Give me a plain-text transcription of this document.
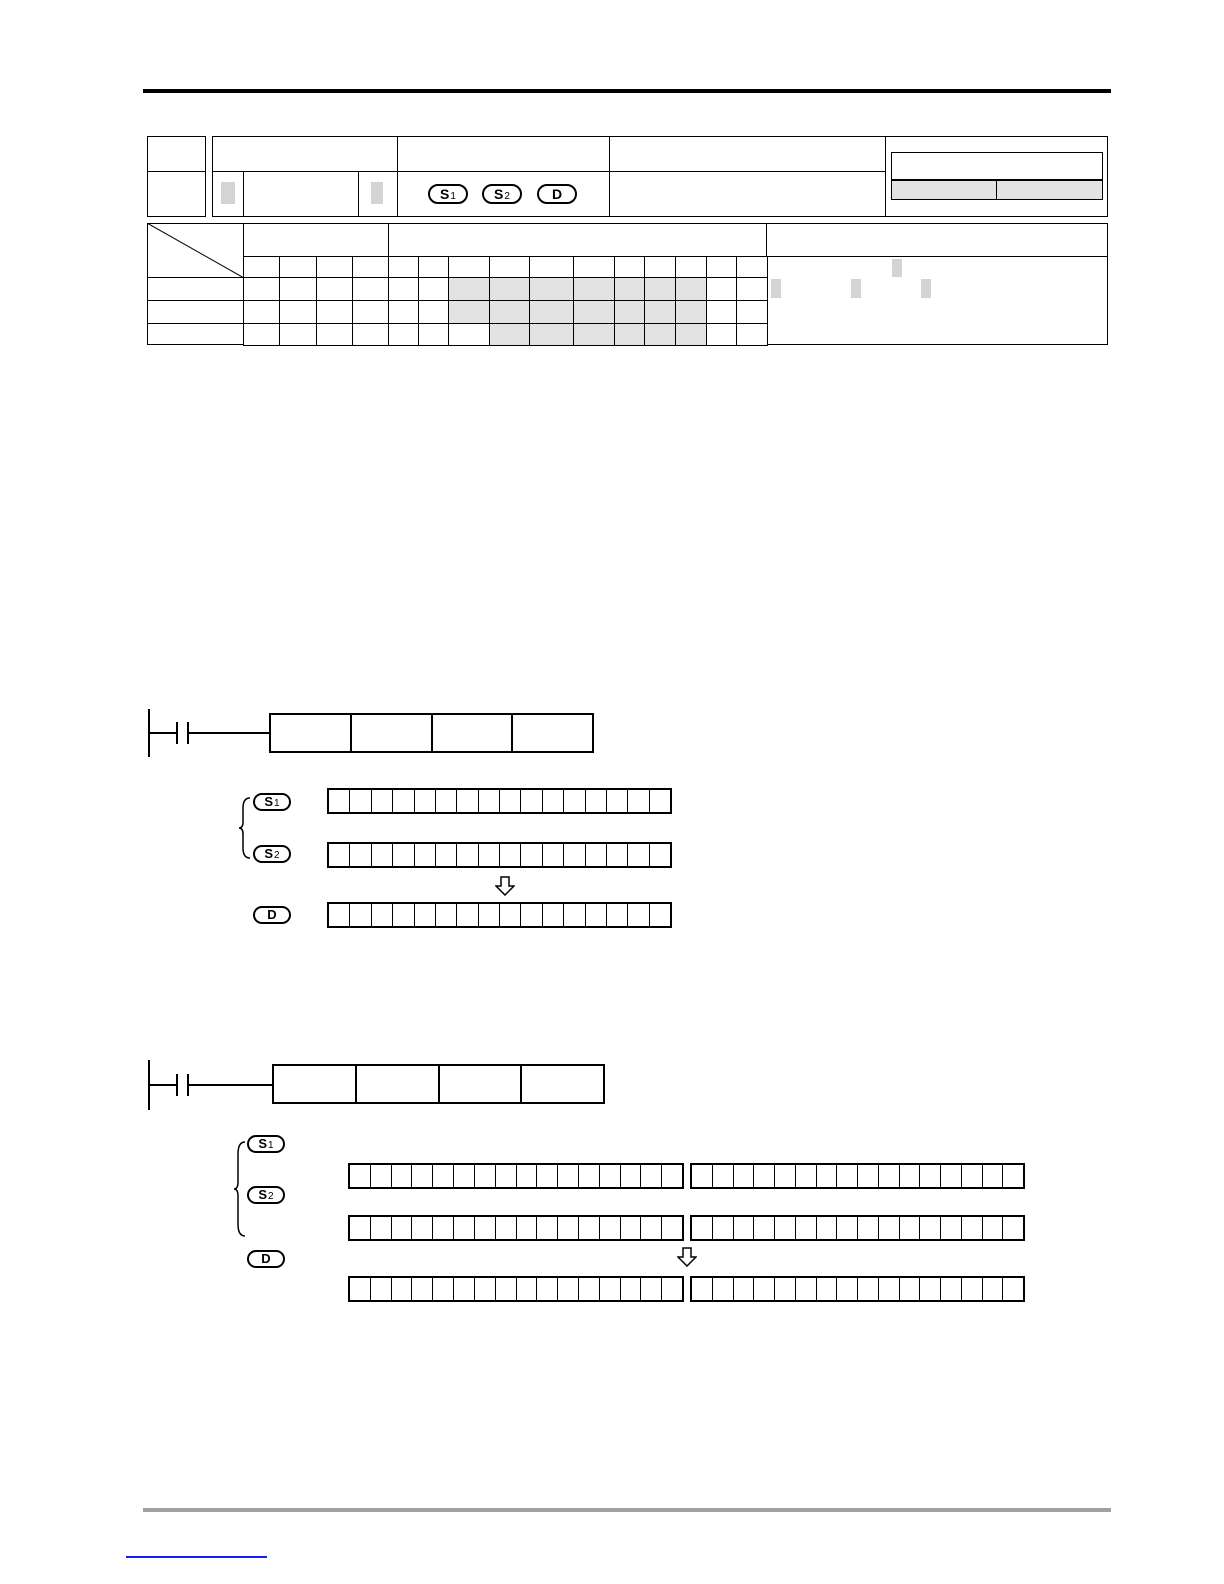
S1	S2	D
S1
S2
D
S1
S2
D
